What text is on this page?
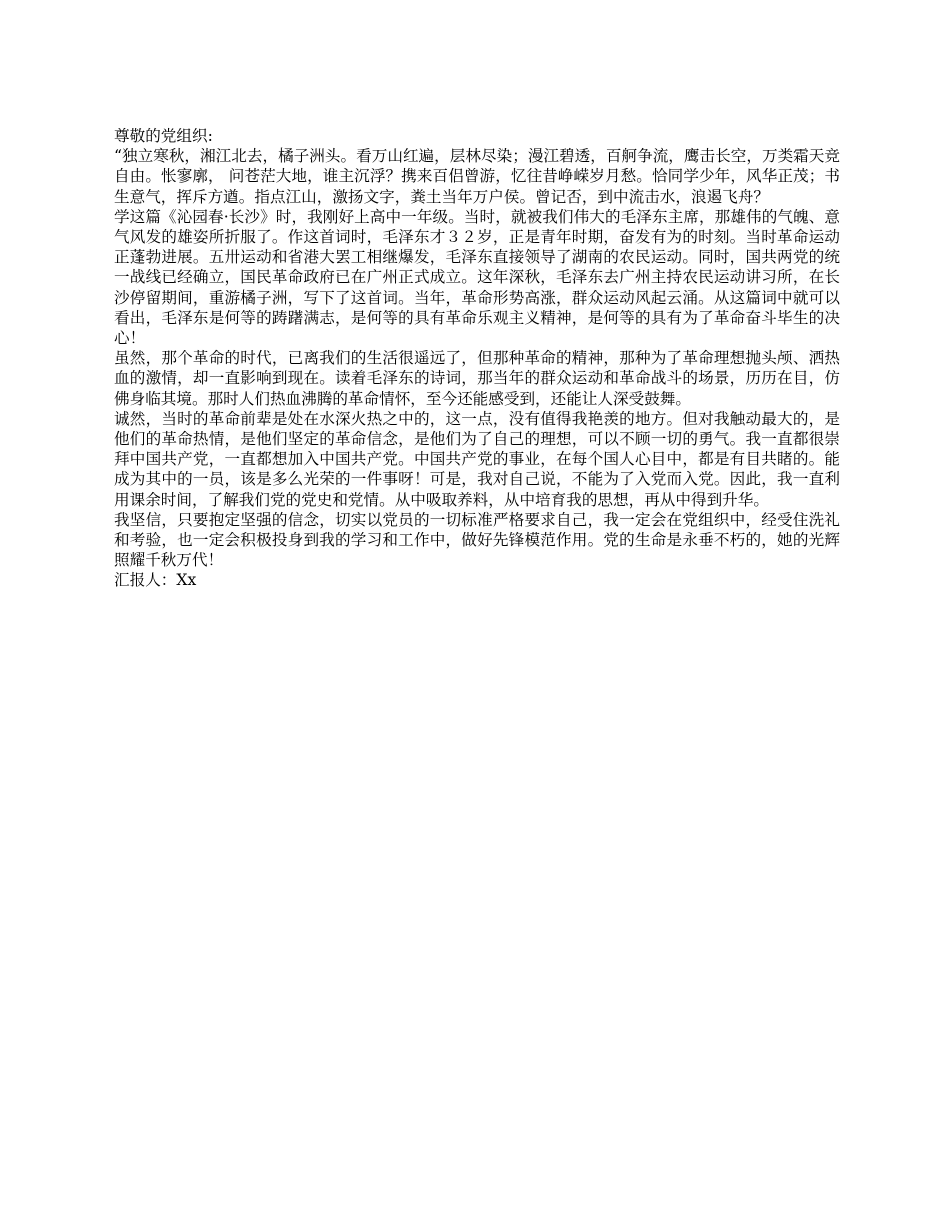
尊敬的党组织:

“独立寒秋，湘江北去，橘子洲头。看万山红遍，层林尽染；漫江碧透，百舸争流，鹰击长空，万类霜天竞自由。怅寥廓， 问苍茫大地，谁主沉浮？携来百侣曾游，忆往昔峥嵘岁月愁。恰同学少年，风华正茂；书生意气，挥斥方遒。指点江山，激扬文字，粪土当年万户侯。曾记否，到中流击水，浪遏飞舟？

学这篇《沁园春·长沙》时，我刚好上高中一年级。当时，就被我们伟大的毛泽东主席，那雄伟的气魄、意气风发的雄姿所折服了。作这首词时，毛泽东才３２岁，正是青年时期，奋发有为的时刻。当时革命运动正蓬勃进展。五卅运动和省港大罢工相继爆发，毛泽东直接领导了湖南的农民运动。同时，国共两党的统一战线已经确立，国民革命政府已在广州正式成立。这年深秋，毛泽东去广州主持农民运动讲习所，在长沙停留期间，重游橘子洲，写下了这首词。当年，革命形势高涨，群众运动风起云涌。从这篇词中就可以看出，毛泽东是何等的踌躇满志，是何等的具有革命乐观主义精神，是何等的具有为了革命奋斗毕生的决心！

虽然，那个革命的时代，已离我们的生活很遥远了，但那种革命的精神，那种为了革命理想抛头颅、洒热血的激情，却一直影响到现在。读着毛泽东的诗词，那当年的群众运动和革命战斗的场景，历历在目，仿佛身临其境。那时人们热血沸腾的革命情怀，至今还能感受到，还能让人深受鼓舞。

诚然，当时的革命前辈是处在水深火热之中的，这一点，没有值得我艳羡的地方。但对我触动最大的，是他们的革命热情，是他们坚定的革命信念，是他们为了自己的理想，可以不顾一切的勇气。我一直都很崇拜中国共产党，一直都想加入中国共产党。中国共产党的事业，在每个国人心目中，都是有目共睹的。能成为其中的一员，该是多么光荣的一件事呀！可是，我对自己说，不能为了入党而入党。因此，我一直利用课余时间，了解我们党的党史和党情。从中吸取养料，从中培育我的思想，再从中得到升华。

我坚信，只要抱定坚强的信念，切实以党员的一切标准严格要求自己，我一定会在党组织中，经受住洗礼和考验，也一定会积极投身到我的学习和工作中，做好先锋模范作用。党的生命是永垂不朽的，她的光辉照耀千秋万代！

汇报人：Xx
